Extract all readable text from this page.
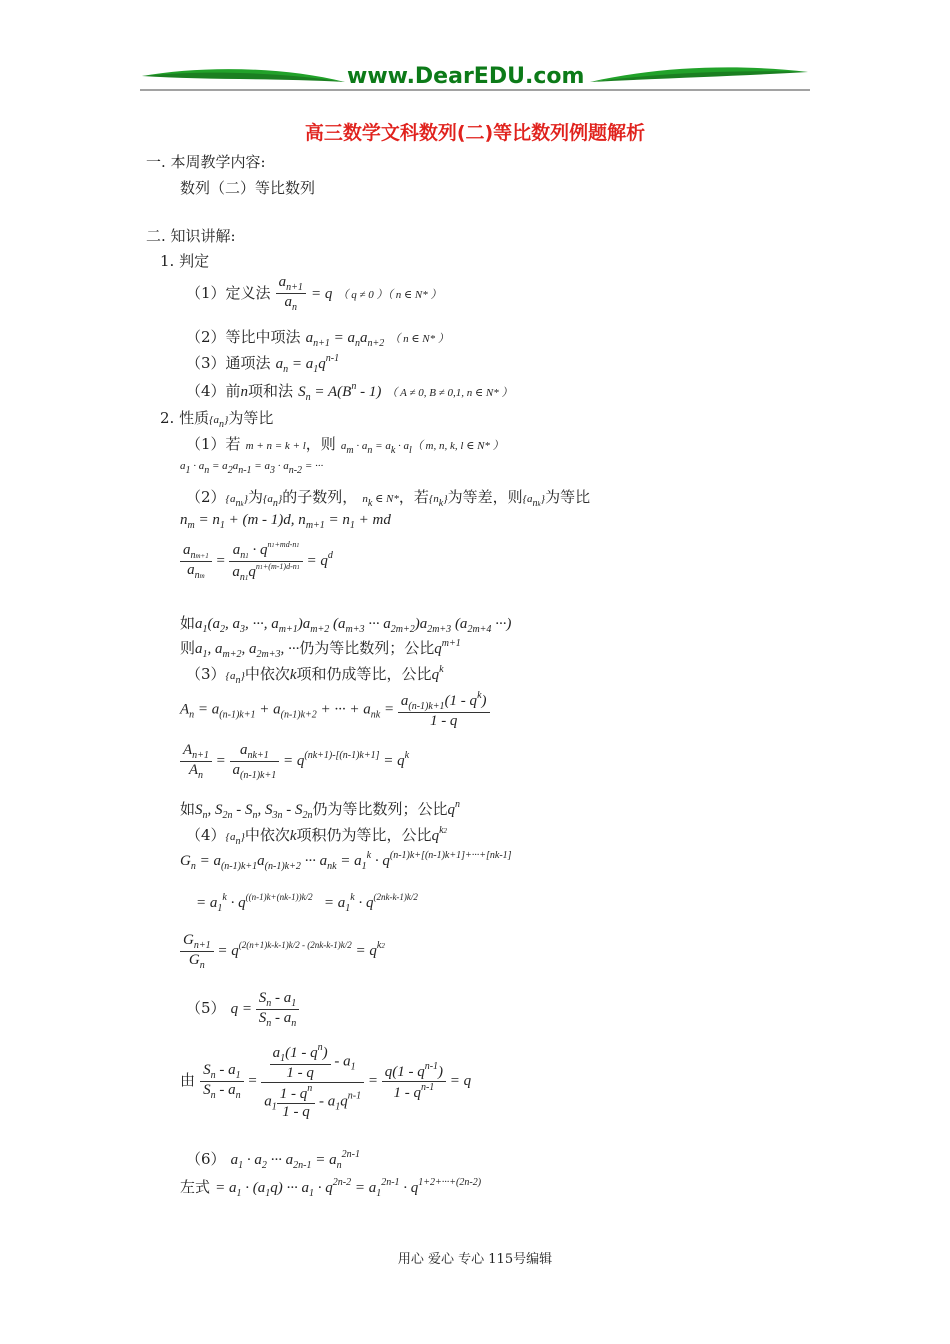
www.DearEDU.com
高三数学文科数列(二)等比数列例题解析
一. 本周教学内容:
数列（二）等比数列
二. 知识讲解:
1. 判定
（1）定义法 $\frac{a_{n+1}}{a_n} = q$ （ q ≠ 0 ）（ n ∈ N* ）
（2）等比中项法 $a_{n+1} = a_na_{n+2}$ （ n ∈ N* ）
（3）通项法 $a_n = a_1q^{n-1}$
（4）前n项和法 $S_n = A(B^n - 1)$ （ A ≠ 0, B ≠ 0,1, n ∈ N* ）
2. 性质{an}为等比
（1）若 m + n = k + l，则 am · an = ak · al（ m, n, k, l ∈ N* ）
a1 · an = a2an-1 = a3 · an-2 = ···
（2）{ank}为{an}的子数列， nk ∈ N*，若{nk}为等差，则{ank}为等比
$n_m = n_1 + (m - 1)d$, $n_{m+1} = n_1$ + md
$\frac{a_{nm+1}}{a_{nm}} = \frac{a_{n1} \cdot q^{n1+md-n1}}{a_{n1}q^{n1+(m-1)d-n1}} = q^d$
如$a_1(a_2$, $a_3$, ···, $a_{m+1})a_{m+2}$ ($a_{m+3}$ ··· $a_{2m+2})a_{2m+3}$ ($a_{2m+4}$ ···)
则$a_1$, $a_{m+2}$, $a_{2m+3}$, ···仍为等比数列；公比$q^{m+1}$
（3）{an}中依次k项和仍成等比，公比$q^k$
$A_n = a_{(n-1)k+1} + a_{(n-1)k+2}$ + ··· + $a_{nk} = \frac{a_{(n-1)k+1}(1 - q^k)}{1 - q}$
$\frac{A_{n+1}}{A_n} = \frac{a_{nk+1}}{a_{(n-1)k+1}} = q^{(nk+1)-[(n-1)k+1]} = q^k$
如$S_n$, $S_{2n} - S_n$, $S_{3n} - S_{2n}$仍为等比数列；公比$q^n$
（4）{an}中依次k项积仍为等比，公比$q^{k2}$
$G_n = a_{(n-1)k+1}a_{(n-1)k+2}$ ··· $a_{nk} = a_1^k \cdot q^{(n-1)k+[(n-1)k+1]+\cdot\cdot\cdot+[nk-1]}$
= $a_1^k \cdot q^{((n-1)k+(nk-1))k/2} = a_1^k \cdot q^{(2nk-k-1)k/2}$
$\frac{G_{n+1}}{G_n} = q^{(2(n+1)k-k-1)k/2 - (2nk-k-1)k/2} = q^{k2}$
（5） $q = \frac{S_n - a_1}{S_n - a_n}$
由 $\frac{S_n - a_1}{S_n - a_n} = \frac{\frac{a_1(1 - q^n)}{1 - q} - a_1}{a_1 \frac{1 - q^n}{1 - q} - a_1q^{n-1}} = \frac{q(1 - q^{n-1})}{1 - q^{n-1}} = q$
（6） $a_1 \cdot a_2$ ··· $a_{2n-1} = a_n^{2n-1}$
左式 = $a_1 \cdot (a_1q)$ ··· $a_1 \cdot q^{2n-2} = a_1^{2n-1} \cdot q^{1+2+\cdot\cdot\cdot+(2n-2)}$
用心 爱心 专心 115号编辑
